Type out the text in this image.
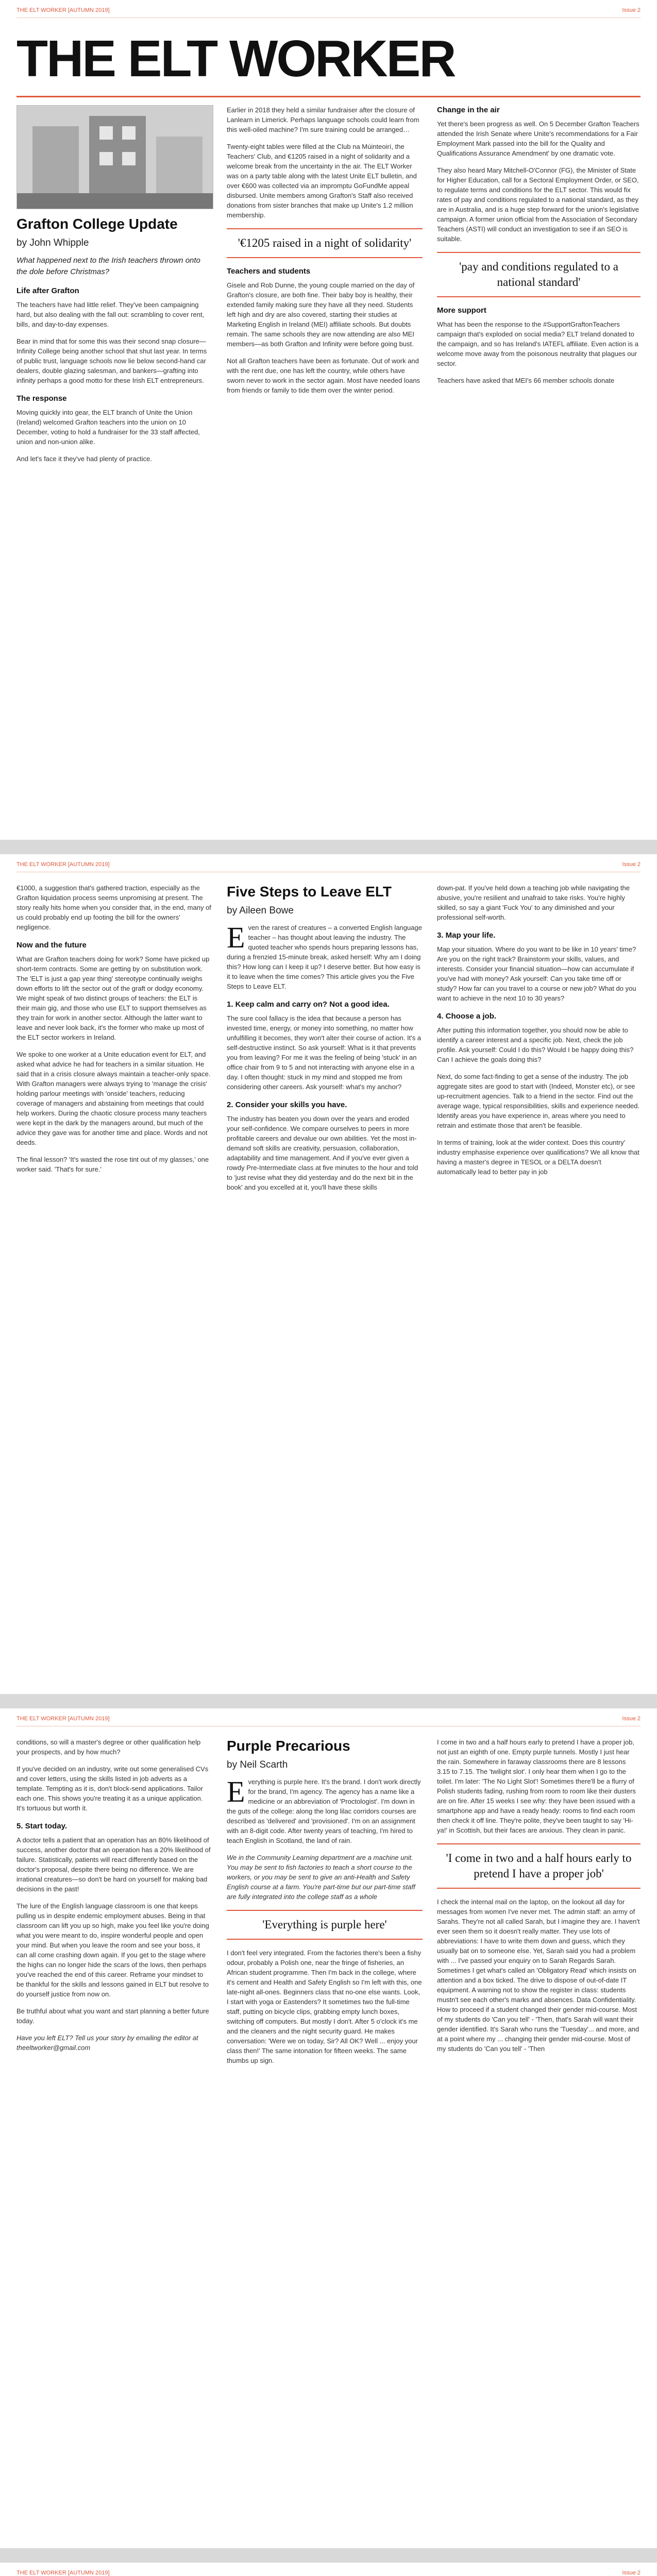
THE ELT WORKER [AUTUMN 2019]	Issue 2
THE ELT WORKER
Grafton College Update
by John Whipple
What happened next to the Irish teachers thrown onto the dole before Christmas?
Life after Grafton

The teachers have had little relief. They've been campaigning hard, but also dealing with the fall out: scrambling to cover rent, bills, and day-to-day expenses.

Bear in mind that for some this was their second snap closure—Infinity College being another school that shut last year. In terms of public trust, language schools now lie below second-hand car dealers, double glazing salesman, and bankers—grafting into infinity perhaps a good motto for these Irish ELT entrepreneurs.

The response

Moving quickly into gear, the ELT branch of Unite the Union (Ireland) welcomed Grafton teachers into the union on 10 December, voting to hold a fundraiser for the 33 staff affected, union and non-union alike.

And let's face it they've had plenty of practice.

Earlier in 2018 they held a similar fundraiser after the closure of Lanlearn in Limerick. Perhaps language schools could learn from this well-oiled machine? I'm sure training could be arranged…

Twenty-eight tables were filled at the Club na Múinteoirí, the Teachers' Club, and €1205 raised in a night of solidarity and a welcome break from the uncertainty in the air. The ELT Worker was on a party table along with the latest Unite ELT bulletin, and over €600 was collected via an impromptu GoFundMe appeal disbursed. Unite members among Grafton's Staff also received donations from sister branches that make up Unite's 1.2 million membership.

'€1205 raised in a night of solidarity'
Teachers and students

Gisele and Rob Dunne, the young couple married on the day of Grafton's closure, are both fine. Their baby boy is healthy, their extended family making sure they have all they need. Students left high and dry are also covered, starting their studies at Marketing English in Ireland (MEI) affiliate schools. But doubts remain. The same schools they are now attending are also MEI members—as both Grafton and Infinity were before going bust.

Not all Grafton teachers have been as fortunate. Out of work and with the rent due, one has left the country, while others have sworn never to work in the sector again. Most have needed loans from friends or family to tide them over the winter period.

Change in the air

Yet there's been progress as well. On 5 December Grafton Teachers attended the Irish Senate where Unite's recommendations for a Fair Employment Mark passed into the bill for the Quality and Qualifications Assurance Amendment' by one dramatic vote.

They also heard Mary Mitchell-O'Connor (FG), the Minister of State for Higher Education, call for a Sectoral Employment Order, or SEO, to regulate terms and conditions for the ELT sector. This would fix rates of pay and conditions regulated to a national standard, as they are in Australia, and is a huge step forward for the union's legislative campaign. A former union official from the Association of Secondary Teachers (ASTI) will conduct an investigation to see if an SEO is suitable.

'pay and conditions regulated to a national standard'
More support

What has been the response to the #SupportGraftonTeachers campaign that's exploded on social media? ELT Ireland donated to the campaign, and so has Ireland's IATEFL affiliate. Even action is a welcome move away from the poisonous neutrality that plagues our sector.

Teachers have asked that MEI's 66 member schools donate

THE ELT WORKER [AUTUMN 2019]	Issue 2

€1000, a suggestion that's gathered traction, especially as the Grafton liquidation process seems unpromising at present. The story really hits home when you consider that, in the end, many of us could probably end up footing the bill for the owners' negligence.

Now and the future

What are Grafton teachers doing for work? Some have picked up short-term contracts. Some are getting by on substitution work. The 'ELT is just a gap year thing' stereotype continually weighs down efforts to lift the sector out of the graft or dodgy economy. We might speak of two distinct groups of teachers: the ELT is their main gig, and those who use ELT to support themselves as they train for work in another sector. Although the latter want to leave and never look back, it's the former who make up most of the ELT sector workers in Ireland.

We spoke to one worker at a Unite education event for ELT, and asked what advice he had for teachers in a similar situation. He said that in a crisis closure always maintain a teacher-only space. With Grafton managers were always trying to 'manage the crisis' holding parlour meetings with 'onside' teachers, reducing coverage of managers and abstaining from meetings that could help workers. During the chaotic closure process many teachers were kept in the dark by the managers around, but much of the advice they gave was for another time and place. Words and not deeds.

The final lesson? 'It's wasted the rose tint out of my glasses,' one worker said. 'That's for sure.'

Five Steps to Leave ELT
by Aileen Bowe

Even the rarest of creatures – a converted English language teacher – has thought about leaving the industry. The quoted teacher who spends hours preparing lessons has, during a frenzied 15-minute break, asked herself: Why am I doing this? How long can I keep it up? I deserve better. But how easy is it to leave when the time comes? This article gives you the Five Steps to Leave ELT.

1. Keep calm and carry on? Not a good idea.

The sure cool fallacy is the idea that because a person has invested time, energy, or money into something, no matter how unfulfilling it becomes, they won't alter their course of action. It's a self-destructive instinct. So ask yourself: What is it that prevents you from leaving? For me it was the feeling of being 'stuck' in an office chair from 9 to 5 and not interacting with anyone else in a day. I often thought: stuck in my mind and stopped me from considering other careers. Ask yourself: what's my anchor?

2. Consider your skills you have.

The industry has beaten you down over the years and eroded your self-confidence. We compare ourselves to peers in more profitable careers and devalue our own abilities. Yet the most in-demand soft skills are creativity, persuasion, collaboration, adaptability and time management. And if you've ever given a rowdy Pre-Intermediate class at five minutes to the hour and told to 'just revise what they did yesterday and do the next bit in the book' and you excelled at it, you'll have these skills

down-pat. If you've held down a teaching job while navigating the abusive, you're resilient and unafraid to take risks. You're highly skilled, so say a giant 'Fuck You' to any diminished and your professional self-worth.

3. Map your life.

Map your situation. Where do you want to be like in 10 years' time? Are you on the right track? Brainstorm your skills, values, and interests. Consider your financial situation—how can accumulate if you've had with money? Ask yourself: Can you take time off or study? How far can you travel to a course or new job? What do you want to achieve in the next 10 to 30 years?

4. Choose a job.

After putting this information together, you should now be able to identify a career interest and a specific job. Next, check the job profile. Ask yourself: Could I do this? Would I be happy doing this? Can I achieve the goals doing this?

Next, do some fact-finding to get a sense of the industry. The job aggregate sites are good to start with (Indeed, Monster etc), or see up-recruitment agencies. Talk to a friend in the sector. Find out the average wage, typical responsibilities, skills and experience needed. Identify areas you have experience in, areas where you need to retrain and estimate those that aren't be feasible.

In terms of training, look at the wider context. Does this country' industry emphasise experience over qualifications? We all know that having a master's degree in TESOL or a DELTA doesn't automatically lead to better pay in job

THE ELT WORKER [AUTUMN 2019]	Issue 2

conditions, so will a master's degree or other qualification help your prospects, and by how much?

If you've decided on an industry, write out some generalised CVs and cover letters, using the skills listed in job adverts as a template. Tempting as it is, don't block-send applications. Tailor each one. This shows you're treating it as a unique application. It's tortuous but worth it.

5. Start today.

A doctor tells a patient that an operation has an 80% likelihood of success, another doctor that an operation has a 20% likelihood of failure. Statistically, patients will react differently based on the doctor's proposal, despite there being no difference. We are irrational creatures—so don't be hard on yourself for making bad decisions in the past!

The lure of the English language classroom is one that keeps pulling us in despite endemic employment abuses. Being in that classroom can lift you up so high, make you feel like you're doing what you were meant to do, inspire wonderful people and open your mind. But when you leave the room and see your boss, it can all come crashing down again. If you get to the stage where the highs can no longer hide the scars of the lows, then perhaps you've reached the end of this career. Reframe your mindset to be thankful for the skills and lessons gained in ELT but resolve to do yourself justice from now on.

Be truthful about what you want and start planning a better future today.

Have you left ELT? Tell us your story by emailing the editor at theeltworker@gmail.com

Purple Precarious
by Neil Scarth

Everything is purple here. It's the brand. I don't work directly for the brand, I'm agency. The agency has a name like a medicine or an abbreviation of 'Proctologist'. I'm down in the guts of the college: along the long lilac corridors courses are described as 'delivered' and 'provisioned'. I'm on an assignment with an 8-digit code. After twenty years of teaching, I'm hired to teach English in Scotland, the land of rain.

We in the Community Learning department are a machine unit. You may be sent to fish factories to teach a short course to the workers, or you may be sent to give an anti-Health and Safety English course at a farm. You're part-time but our part-time staff are fully integrated into the college staff as a whole

'Everything is purple here'

I don't feel very integrated. From the factories there's been a fishy odour, probably a Polish one, near the fringe of fisheries, an African student programme. Then I'm back in the college, where it's cement and Health and Safety English so I'm left with this, one late-night all-ones. Beginners class that no-one else wants. Look, I start with yoga or Eastenders? It sometimes two the full-time staff, putting on bicycle clips, grabbing empty lunch boxes, switching off computers. But mostly I don't. After 5 o'clock it's me and the cleaners and the night security guard. He makes conversation: 'Were we on today, Sir? All OK? Well ... enjoy your class then!' The same intonation for fifteen weeks. The same thumbs up sign.

I come in two and a half hours early to pretend I have a proper job, not just an eighth of one. Empty purple tunnels. Mostly I just hear the rain. Somewhere in faraway classrooms there are 8 lessons 3.15 to 7.15. The 'twilight slot'. I only hear them when I go to the toilet. I'm later: 'The No Light Slot'! Sometimes there'll be a flurry of Polish students fading, rushing from room to room like their dusters are on fire. After 15 weeks I see why: they have been issued with a smartphone app and have a ready heady: rooms to find each room then check it off line. They're polite, they've been taught to say 'Hi-ya!' in Scottish, but their faces are anxious. They clean in panic.

'I come in two and a half hours early to pretend I have a proper job'

I check the internal mail on the laptop, on the lookout all day for messages from women I've never met. The admin staff: an army of Sarahs. They're not all called Sarah, but I imagine they are. I haven't ever seen them so it doesn't really matter. They use lots of abbreviations: I have to write them down and guess, which they usually bat on to someone else. Yet, Sarah said you had a problem with ... I've passed your enquiry on to Sarah Regards Sarah. Sometimes I get what's called an 'Obligatory Read' which insists on attention and a box ticked. The drive to dispose of out-of-date IT equipment. A warning not to show the register in class: students mustn't see each other's marks and absences. Data Confidentiality. How to proceed if a student changed their gender mid-course. Most of my students do 'Can you tell' - 'Then, that's Sarah will want their gender identified. It's Sarah who runs the 'Tuesday'... and more, and at a point where my ... changing their gender mid-course. Most of my students do 'Can you tell' - 'Then

THE ELT WORKER [AUTUMN 2019]	Issue 2
